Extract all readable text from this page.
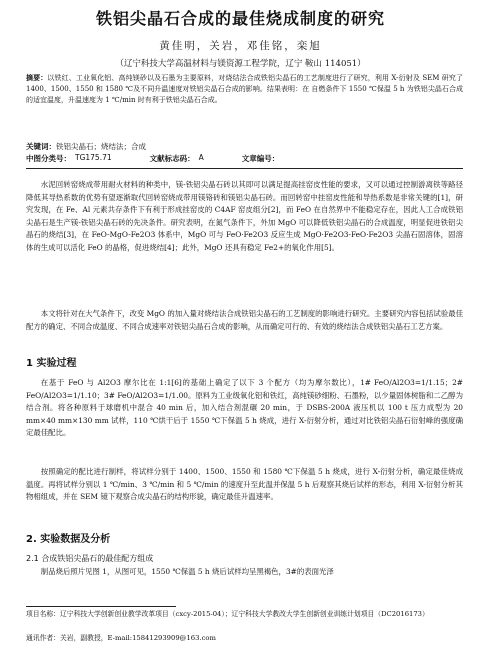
铁铝尖晶石合成的最佳烧成制度的研究
黄佳明，关岩，邓佳铭，栾旭
（辽宁科技大学高温材料与镁资源工程学院，辽宁 鞍山 114051）
摘要：以铁红、工业氧化铝、高纯镁砂以及石墨为主要原料，对烧结法合成铁铝尖晶石的工艺制度进行了研究，利用 X-衍射及 SEM 研究了 1400、1500、1550 和 1580 ℃及不同升温速度对铁铝尖晶石合成的影响。结果表明：在 自燃条件下 1550 ℃保温 5 h 为铁铝尖晶石合成的适宜温度，升温速度为 1 ℃/min 时有利于铁铝尖晶石合成。
关键词：铁铝尖晶石；烧结法；合成
中图分类号： TG175.71	文献标志码： A	文章编号：
水泥回转窑烧成带用耐火材料的种类中，镁-铁铝尖晶石砖以其即可以满足提高挂窑皮性能的要求，又可以通过控制游离铁等路径降低其导热系数的优势有望逐渐取代回转窑烧成带用镁铬砖和镁铝尖晶石砖。而回转窑中挂窑皮性能和导热系数是非常关键的[1]，研究发现，在 Fe、Al 元素共存条件下有利于形成挂窑皮的 C4AF 窑皮组分[2]，而 FeO 在自然界中不能稳定存在，因此人工合成铁铝尖晶石是生产镁-铁铝尖晶石砖的先决条件。研究表明，在氮气条件下，外加 MgO 可以降低铁铝尖晶石的合成温度，明显促进铁铝尖晶石的烧结[3]，在 FeO-MgO-Fe2O3 体系中，MgO 可与 FeO·Fe2O3 反应生成 MgO·Fe2O3-FeO·Fe2O3 尖晶石固溶体，固溶体的生成可以活化 FeO 的晶格，促进烧结[4]；此外，MgO 还具有稳定 Fe2+的氧化作用[5]。
本文将针对在大气条件下，改变 MgO 的加入量对烧结法合成铁铝尖晶石的工艺制度的影响进行研究。主要研究内容包括试验最佳配方的确定、不同合成温度、不同合成速率对铁铝尖晶石合成的影响，从而确定可行的、有效的烧结法合成铁铝尖晶石工艺方案。
1 实验过程
在基于 FeO 与 Al2O3 摩尔比在 1:1[6]的基础上确定了以下 3 个配方（均为摩尔数比），1# FeO/Al2O3=1/1.15；2# FeO/Al2O3=1/1.10；3# FeO/Al2O3=1/1.00。原料为工业级氧化铝和铁红，高纯镁砂细粉、石墨粉，以少量固体树脂和二乙醇为结合剂。将各种原料于球磨机中混合 40 min 后，加入结合剂混碾 20 min，于 DSBS-200A 液压机以 100 t 压力成型为 20 mm×40 mm×130 mm 试样，110 ℃烘干后于 1550 ℃下保温 5 h 烧成，进行 X-衍射分析，通过对比铁铝尖晶石衍射峰的强度确定最佳配比。
按照确定的配比进行制样，将试样分别于 1400、1500、1550 和 1580 ℃下保温 5 h 烧成，进行 X-衍射分析，确定最佳烧成温度。再将试样分别以 1 ℃/min、3 ℃/min 和 5 ℃/min 的速度升至此温并保温 5 h 后观察其烧后试样的形态，利用 X-衍射分析其物相组成，并在 SEM 镜下观察合成尖晶石的结构形貌，确定最佳升温速率。
2. 实验数据及分析
2.1 合成铁铝尖晶石的最佳配方组成
制品烧后照片见图 1，从图可见，1550 ℃保温 5 h 烧后试样均呈黑褐色，3#的表面光泽
项目名称：辽宁科技大学创新创业教学改革项目（cxcy-2015-04）；辽宁科技大学教改大学生创新创业训练计划项目（DC2016173）
通讯作者：关岩，副教授，E-mail:15841293909@163.com
